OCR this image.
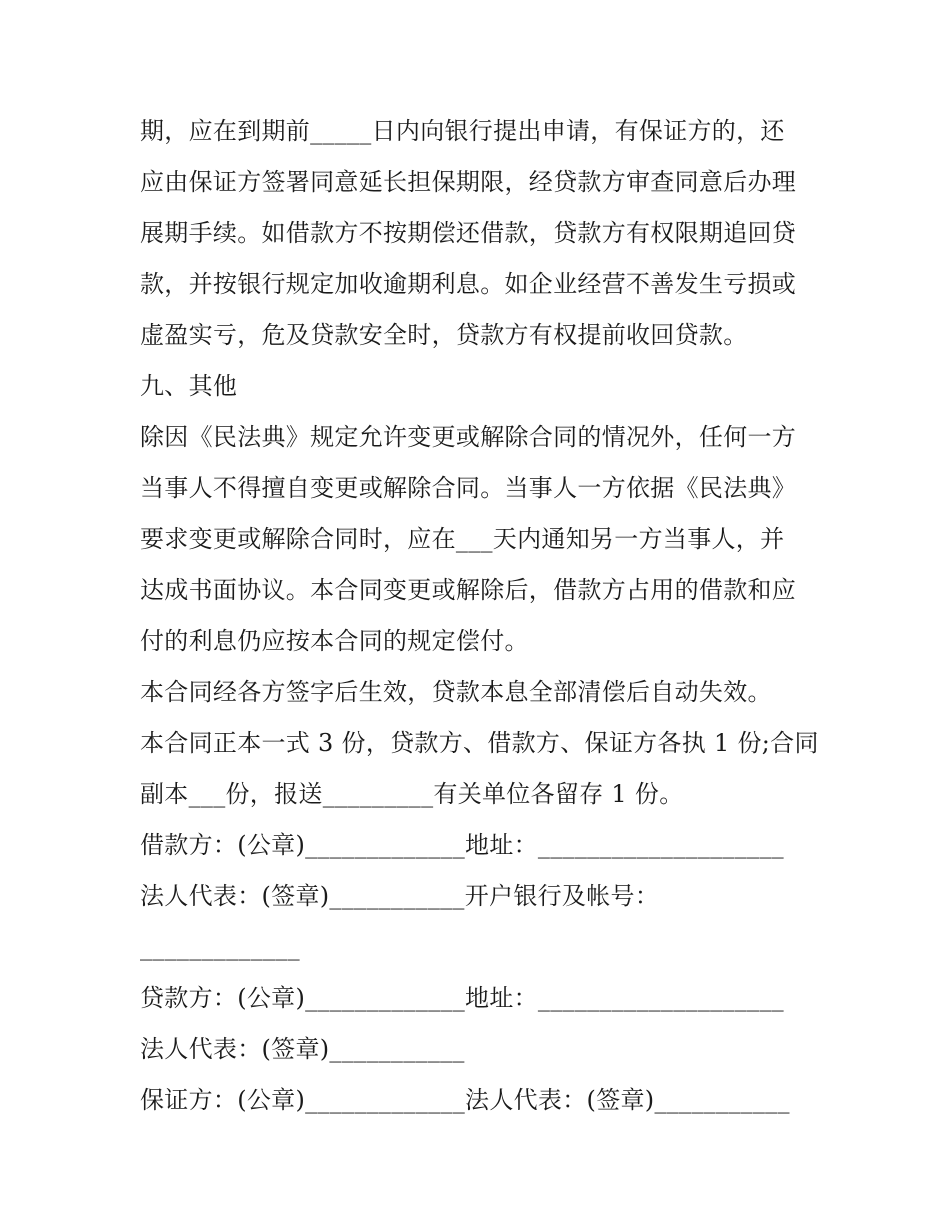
期，应在到期前_____日内向银行提出申请，有保证方的，还
应由保证方签署同意延长担保期限，经贷款方审查同意后办理
展期手续。如借款方不按期偿还借款，贷款方有权限期追回贷
款，并按银行规定加收逾期利息。如企业经营不善发生亏损或
虚盈实亏，危及贷款安全时，贷款方有权提前收回贷款。
九、其他
除因《民法典》规定允许变更或解除合同的情况外，任何一方
当事人不得擅自变更或解除合同。当事人一方依据《民法典》
要求变更或解除合同时，应在___天内通知另一方当事人，并
达成书面协议。本合同变更或解除后，借款方占用的借款和应
付的利息仍应按本合同的规定偿付。
本合同经各方签字后生效，贷款本息全部清偿后自动失效。
本合同正本一式 3 份，贷款方、借款方、保证方各执 1 份;合同
副本___份，报送_________有关单位各留存 1 份。
借款方：(公章)_____________地址：____________________
法人代表：(签章)___________开户银行及帐号：
_____________
贷款方：(公章)_____________地址：____________________
法人代表：(签章)___________
保证方：(公章)_____________法人代表：(签章)___________
